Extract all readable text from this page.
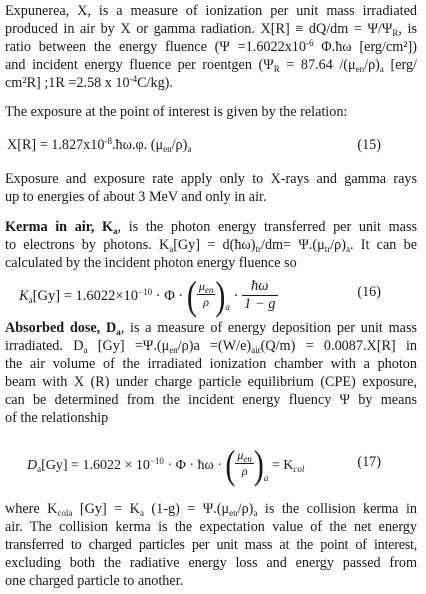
Expunerea, X, is a measure of ionization per unit mass irradiated
produced in air by X or gamma radiation. $X[R] \equiv dQ/dm = \Psi/\Psi_R$, is
ratio between the energy fluence ($\Psi =1.6022x10^{-6}$ Φ.ħω [erg/cm²])
and incident energy fluence per roentgen ($\Psi_R = 87.64$ $/(\mu_{en}/\rho)_a$ [erg/
cm²R] ;1R =2.58 x $10^{-4}C/kg$).
The exposure at the point of interest is given by the relation:
$X[R] = 1.827x10^{-8}.ħ\omega.\varphi$. $(\mu_{en}/\rho)_a$	(15)
Exposure and exposure rate apply only to X-rays and gamma rays
up to energies of about 3 MeV and only in air.
Kerma in air, $K_a$, is the photon energy transferred per unit mass
to electrons by photons. $K_a[Gy]$ = $d(ħ\omega)_{tr}/dm= \Psi.(\mu_{tr}/\rho)_a$. It can be
calculated by the incident photon energy fluence so
$K_a[Gy] = 1.6022\times 10^{-10} \cdot \Phi$ · ( $\frac{\mu_{en}}{\rho} )_a \cdot \frac{ħ\omega}{1 - g}$	(16)
Absorbed dose, $D_a$, is a measure of energy deposition per unit mass
irradiated. $D_a$ $[Gy] =\Psi.(\mu_{en}/\rho)a =(W/e)_{air}(Q/m) = 0.0087.X[R]$ in
the air volume of the irradiated ionization chamber with a photon
beam with X (R) under charge particle equilibrium (CPE) exposure,
can be determined from the incident energy fluency Ψ by means
of the relationship
$D_a[Gy] = 1.6022 \times 10^{-10} \cdot \Phi$ · ħω · ( $\frac{\mu_{en}}{\rho} )_a = K_{col}$	(17)
where $K_{cola}$ $[Gy] = K_a$ $(1-g) = \Psi.(\mu_{en}/\rho)_a$ is the collision kerma in
air. The collision kerma is the expectation value of the net energy
transferred to charged particles per unit mass at the point of interest,
excluding both the radiative energy loss and energy passed from
one charged particle to another.
